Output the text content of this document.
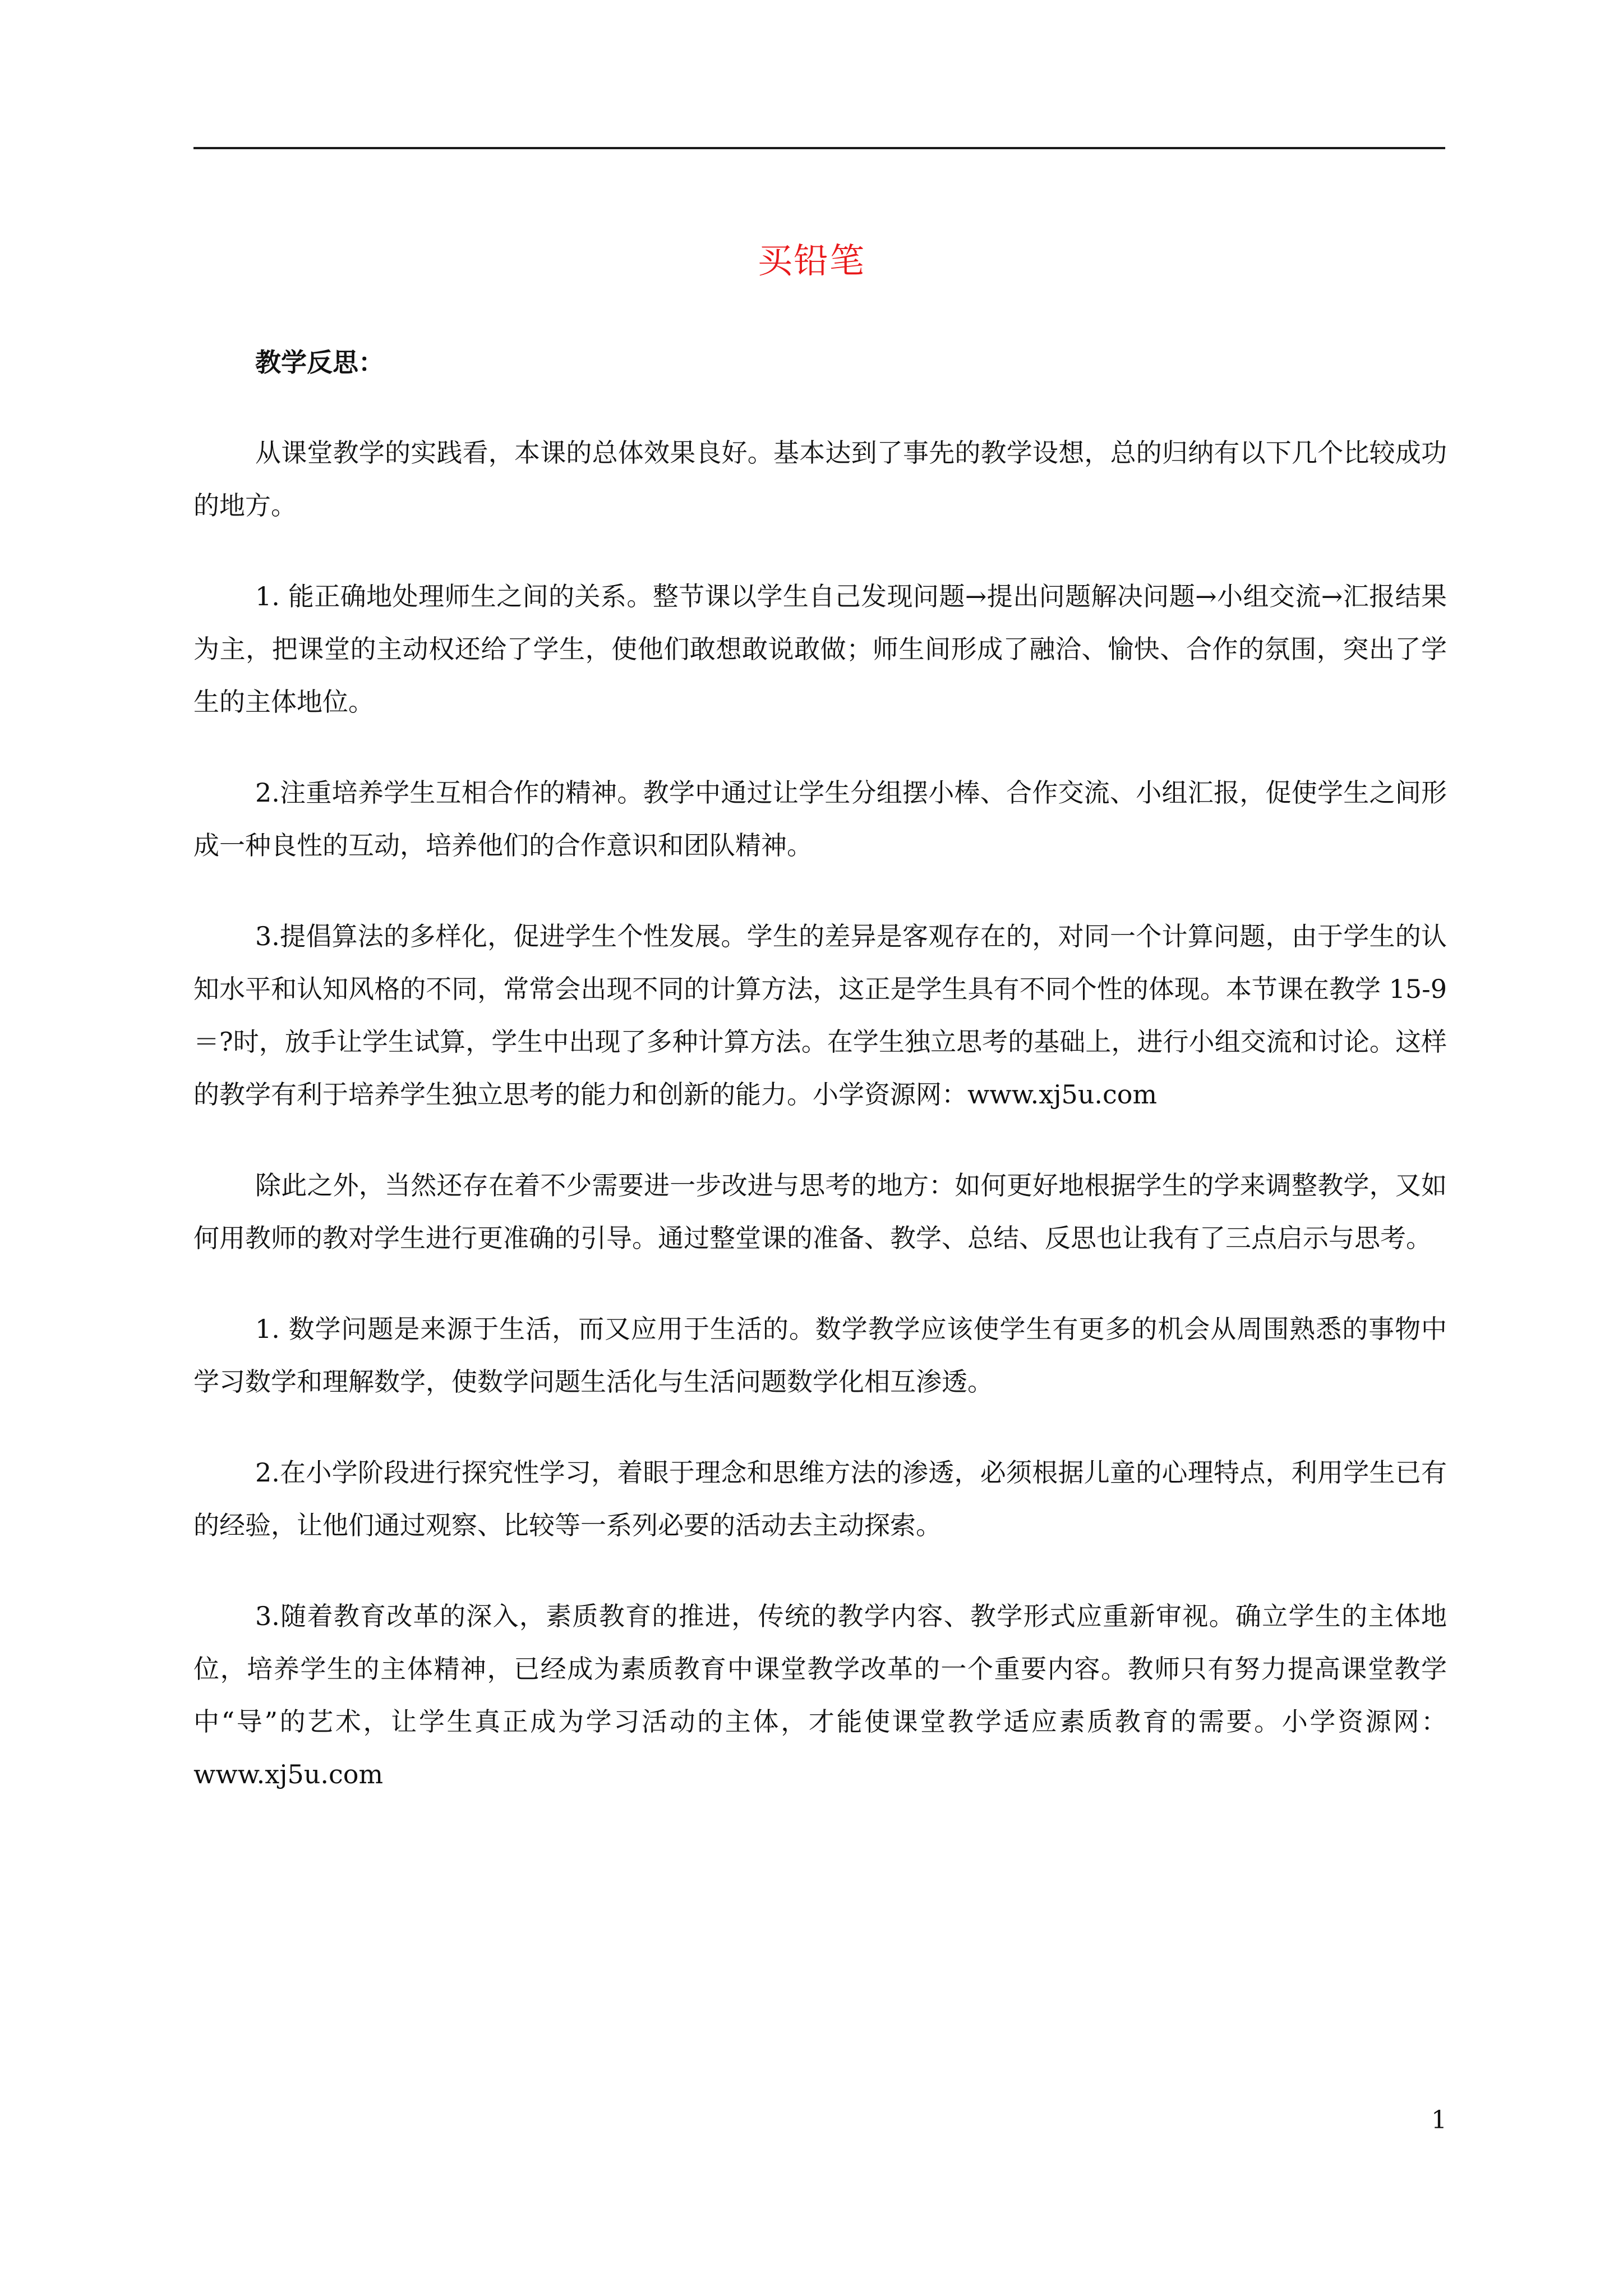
买铅笔

教学反思：

从课堂教学的实践看，本课的总体效果良好。基本达到了事先的教学设想，总的归纳有以下几个比较成功的地方。

1. 能正确地处理师生之间的关系。整节课以学生自己发现问题→提出问题解决问题→小组交流→汇报结果为主，把课堂的主动权还给了学生，使他们敢想敢说敢做；师生间形成了融洽、愉快、合作的氛围，突出了学生的主体地位。

2.注重培养学生互相合作的精神。教学中通过让学生分组摆小棒、合作交流、小组汇报，促使学生之间形成一种良性的互动，培养他们的合作意识和团队精神。

3.提倡算法的多样化，促进学生个性发展。学生的差异是客观存在的，对同一个计算问题，由于学生的认知水平和认知风格的不同，常常会出现不同的计算方法，这正是学生具有不同个性的体现。本节课在教学 15-9＝?时，放手让学生试算，学生中出现了多种计算方法。在学生独立思考的基础上，进行小组交流和讨论。这样的教学有利于培养学生独立思考的能力和创新的能力。小学资源网：www.xj5u.com

除此之外，当然还存在着不少需要进一步改进与思考的地方：如何更好地根据学生的学来调整教学，又如何用教师的教对学生进行更准确的引导。通过整堂课的准备、教学、总结、反思也让我有了三点启示与思考。

1. 数学问题是来源于生活，而又应用于生活的。数学教学应该使学生有更多的机会从周围熟悉的事物中学习数学和理解数学，使数学问题生活化与生活问题数学化相互渗透。

2.在小学阶段进行探究性学习，着眼于理念和思维方法的渗透，必须根据儿童的心理特点，利用学生已有的经验，让他们通过观察、比较等一系列必要的活动去主动探索。

3.随着教育改革的深入，素质教育的推进，传统的教学内容、教学形式应重新审视。确立学生的主体地位，培养学生的主体精神，已经成为素质教育中课堂教学改革的一个重要内容。教师只有努力提高课堂教学中“导”的艺术，让学生真正成为学习活动的主体，才能使课堂教学适应素质教育的需要。小学资源网：www.xj5u.com

1
